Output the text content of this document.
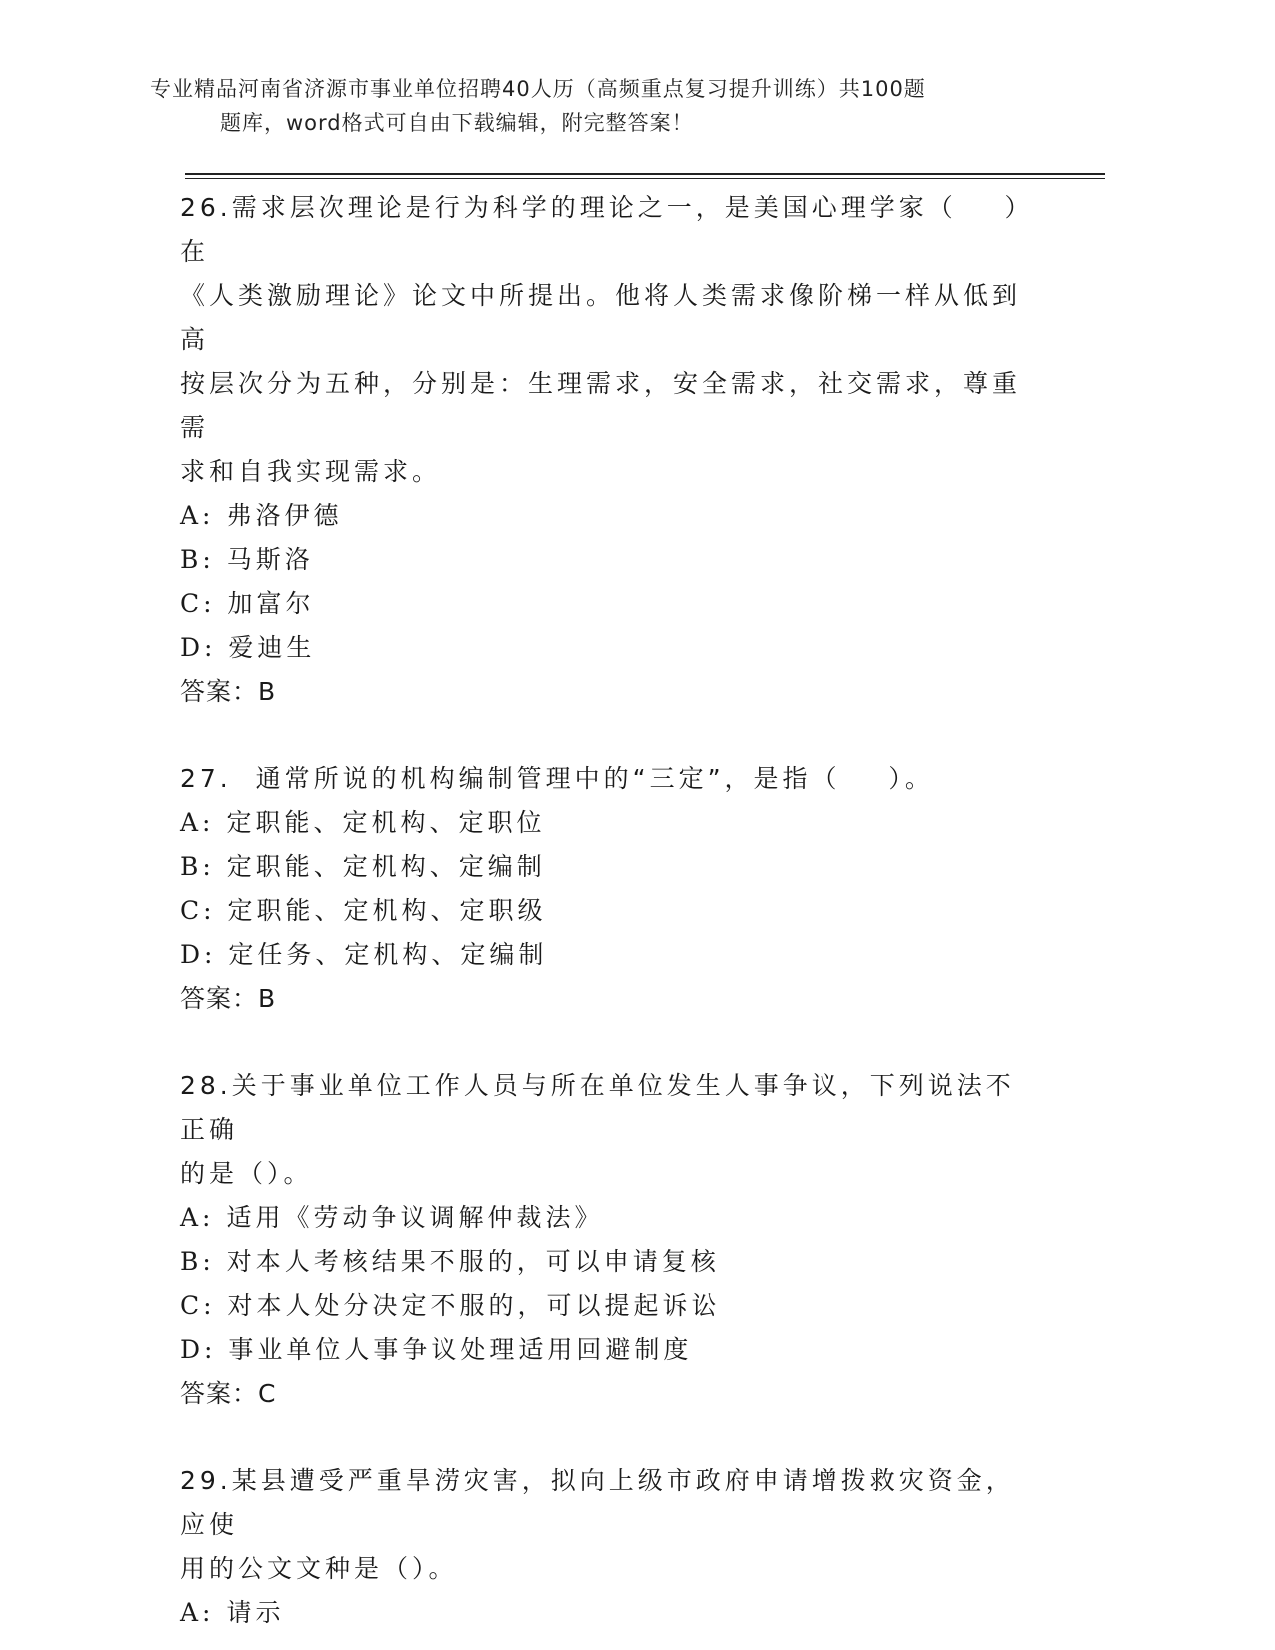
专业精品河南省济源市事业单位招聘40人历（高频重点复习提升训练）共100题
题库，word格式可自由下载编辑，附完整答案！

26.需求层次理论是行为科学的理论之一，是美国心理学家（    ）在

《人类激励理论》论文中所提出。他将人类需求像阶梯一样从低到高

按层次分为五种，分别是：生理需求，安全需求，社交需求，尊重需

求和自我实现需求。

A: 弗洛伊德

B: 马斯洛

C: 加富尔

D: 爱迪生

答案：B

27.  通常所说的机构编制管理中的“三定”，是指（    ）。

A: 定职能、定机构、定职位

B: 定职能、定机构、定编制

C: 定职能、定机构、定职级

D: 定任务、定机构、定编制

答案：B

28.关于事业单位工作人员与所在单位发生人事争议，下列说法不正确

的是（）。

A: 适用《劳动争议调解仲裁法》

B: 对本人考核结果不服的，可以申请复核

C: 对本人处分决定不服的，可以提起诉讼

D: 事业单位人事争议处理适用回避制度

答案：C

29.某县遭受严重旱涝灾害，拟向上级市政府申请增拨救灾资金，应使

用的公文文种是（）。

A: 请示
